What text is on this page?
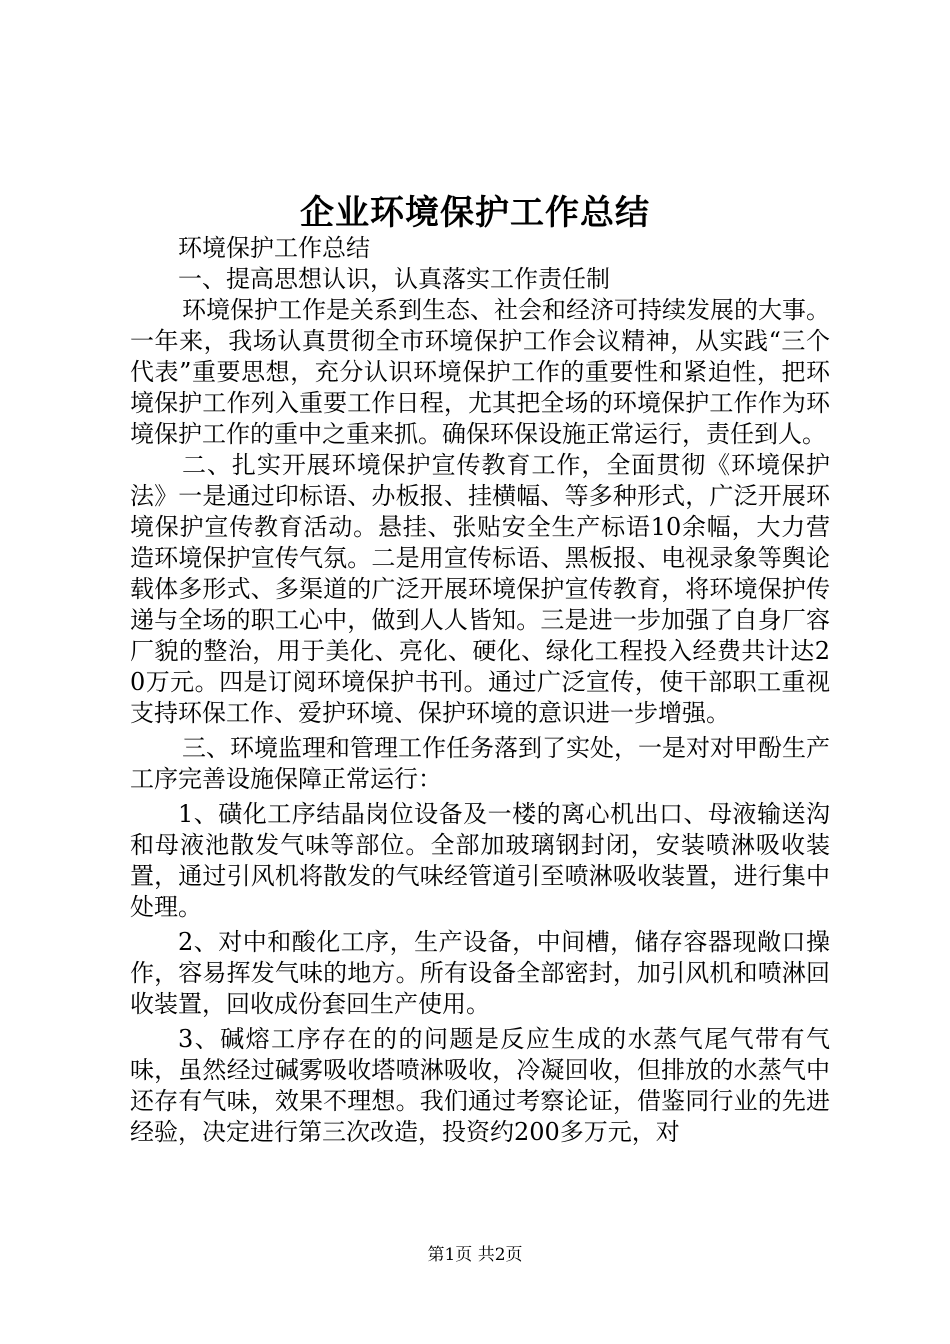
企业环境保护工作总结

环境保护工作总结

一、提高思想认识，认真落实工作责任制

环境保护工作是关系到生态、社会和经济可持续发展的大事。一年来，我场认真贯彻全市环境保护工作会议精神，从实践“三个代表”重要思想，充分认识环境保护工作的重要性和紧迫性，把环境保护工作列入重要工作日程，尤其把全场的环境保护工作作为环境保护工作的重中之重来抓。确保环保设施正常运行，责任到人。

二、扎实开展环境保护宣传教育工作，全面贯彻《环境保护法》一是通过印标语、办板报、挂横幅、等多种形式，广泛开展环境保护宣传教育活动。悬挂、张贴安全生产标语10余幅，大力营造环境保护宣传气氛。二是用宣传标语、黑板报、电视录象等舆论载体多形式、多渠道的广泛开展环境保护宣传教育，将环境保护传递与全场的职工心中，做到人人皆知。三是进一步加强了自身厂容厂貌的整治，用于美化、亮化、硬化、绿化工程投入经费共计达20万元。四是订阅环境保护书刊。通过广泛宣传，使干部职工重视支持环保工作、爱护环境、保护环境的意识进一步增强。

三、环境监理和管理工作任务落到了实处，一是对对甲酚生产工序完善设施保障正常运行：

1、磺化工序结晶岗位设备及一楼的离心机出口、母液输送沟和母液池散发气味等部位。全部加玻璃钢封闭，安装喷淋吸收装置，通过引风机将散发的气味经管道引至喷淋吸收装置，进行集中处理。

2、对中和酸化工序，生产设备，中间槽，储存容器现敞口操作，容易挥发气味的地方。所有设备全部密封，加引风机和喷淋回收装置，回收成份套回生产使用。

3、碱熔工序存在的的问题是反应生成的水蒸气尾气带有气味，虽然经过碱雾吸收塔喷淋吸收，冷凝回收，但排放的水蒸气中还存有气味，效果不理想。我们通过考察论证，借鉴同行业的先进经验，决定进行第三次改造，投资约200多万元，对

第1页 共2页
